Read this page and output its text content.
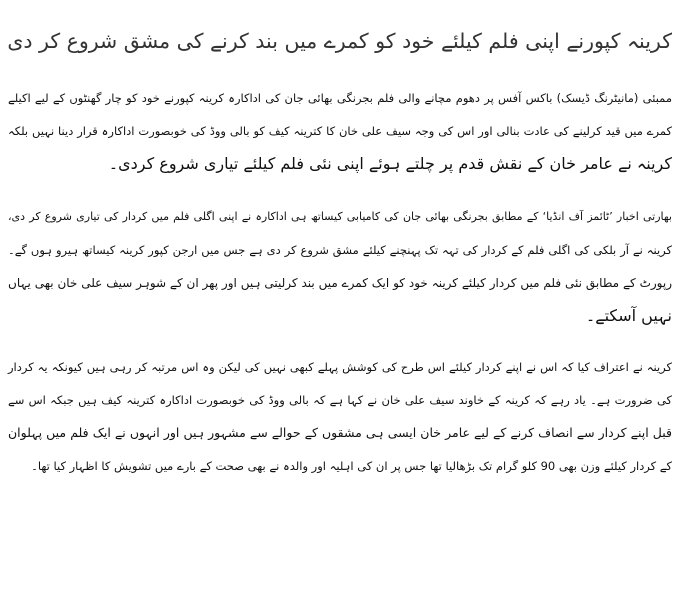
کرینہ کپورنے اپنی فلم کیلئے خود کو کمرے میں بند کرنے کی مشق شروع کر دی
ممبئی (مانیٹرنگ ڈیسک) باکس آفس پر دھوم مچانے والی فلم بجرنگی بھائی جان کی اداکارہ کرینہ کپورنے خود کو چار گھنٹوں کے لیے اکیلے
کمرے میں قید کرلینے کی عادت بنالی اور اس کی وجہ سیف علی خان کا کترینہ کیف کو بالی ووڈ کی خوبصورت اداکارہ قرار دینا نہیں بلکہ
کرینہ نے عامر خان کے نقش قدم پر چلتے ہوئے اپنی نئی فلم کیلئے تیاری شروع کردی۔
بھارتی اخبار ’ٹائمز آف انڈیا‘ کے مطابق بجرنگی بھائی جان کی کامیابی کیساتھ ہی اداکارہ نے اپنی اگلی فلم میں کردار کی تیاری شروع کر دی،
کرینہ نے آر بلکی کی اگلی فلم کے کردار کی تہہ تک پہنچنے کیلئے مشق شروع کر دی ہے جس میں ارجن کپور کرینہ کیساتھ ہیرو ہوں گے۔
رپورٹ کے مطابق نئی فلم میں کردار کیلئے کرینہ خود کو ایک کمرے میں بند کرلیتی ہیں اور پھر ان کے شوہر سیف علی خان بھی یہاں
نہیں آسکتے۔
کرینہ نے اعتراف کیا کہ اس نے اپنے کردار کیلئے اس طرح کی کوشش پہلے کبھی نہیں کی لیکن وہ اس مرتبہ کر رہی ہیں کیونکہ یہ کردار
کی ضرورت ہے۔ یاد رہے کہ کرینہ کے خاوند سیف علی خان نے کہا ہے کہ بالی ووڈ کی خوبصورت اداکارہ کترینہ کیف ہیں جبکہ اس سے
قبل اپنے کردار سے انصاف کرنے کے لیے عامر خان ایسی ہی مشقوں کے حوالے سے مشہور ہیں اور انہوں نے ایک فلم میں پہلوان
کے کردار کیلئے وزن بھی 90 کلو گرام تک بڑھالیا تھا جس پر ان کی اہلیہ اور والدہ نے بھی صحت کے بارے میں تشویش کا اظہار کیا تھا۔
